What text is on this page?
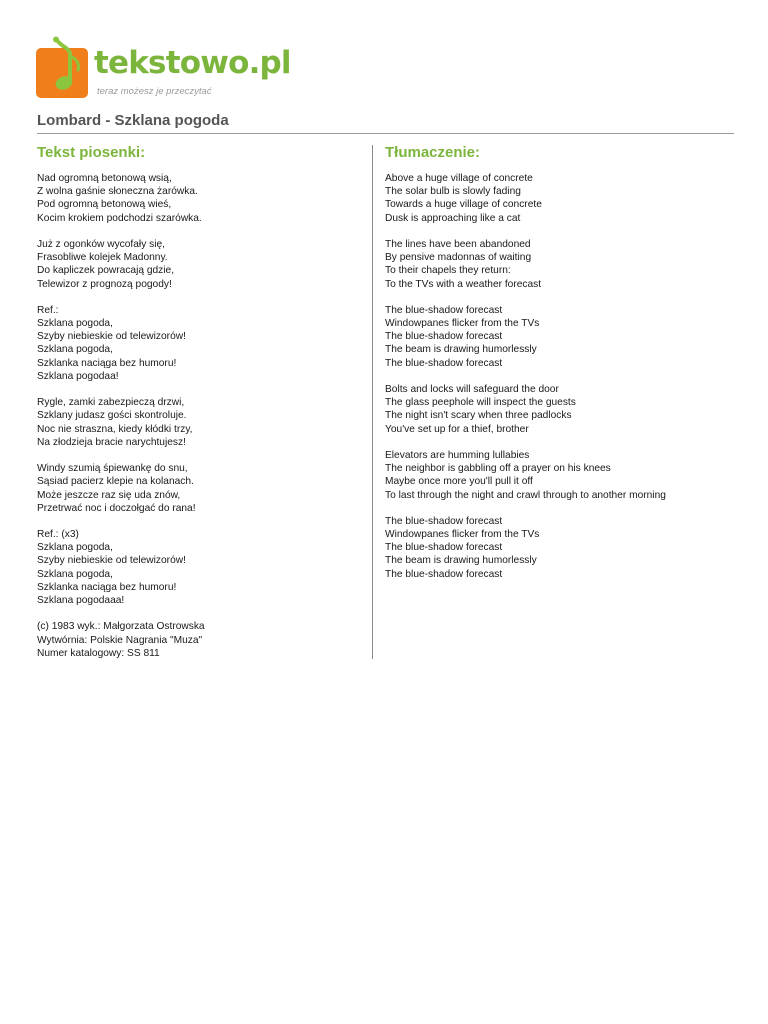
tekstowo.pl
teraz możesz je przeczytać
Lombard - Szklana pogoda
Tekst piosenki:	Tłumaczenie:
Nad ogromną betonową wsią,
Z wolna gaśnie słoneczna żarówka.
Pod ogromną betonową wieś,
Kocim krokiem podchodzi szarówka.
Już z ogonków wycofały się,
Frasobliwe kolejek Madonny.
Do kapliczek powracają gdzie,
Telewizor z prognozą pogody!
Ref.:
Szklana pogoda,
Szyby niebieskie od telewizorów!
Szklana pogoda,
Szklanka naciąga bez humoru!
Szklana pogodaa!
Rygle, zamki zabezpieczą drzwi,
Szklany judasz gości skontroluje.
Noc nie straszna, kiedy kłódki trzy,
Na złodzieja bracie narychtujesz!
Windy szumią śpiewankę do snu,
Sąsiad pacierz klepie na kolanach.
Może jeszcze raz się uda znów,
Przetrwać noc i doczołgać do rana!
Ref.: (x3)
Szklana pogoda,
Szyby niebieskie od telewizorów!
Szklana pogoda,
Szklanka naciąga bez humoru!
Szklana pogodaaa!
(c) 1983 wyk.: Małgorzata Ostrowska
Wytwórnia: Polskie Nagrania "Muza"
Numer katalogowy: SS 811
Above a huge village of concrete
The solar bulb is slowly fading
Towards a huge village of concrete
Dusk is approaching like a cat
The lines have been abandoned
By pensive madonnas of waiting
To their chapels they return:
To the TVs with a weather forecast
The blue-shadow forecast
Windowpanes flicker from the TVs
The blue-shadow forecast
The beam is drawing humorlessly
The blue-shadow forecast
Bolts and locks will safeguard the door
The glass peephole will inspect the guests
The night isn't scary when three padlocks
You've set up for a thief, brother
Elevators are humming lullabies
The neighbor is gabbling off a prayer on his knees
Maybe once more you'll pull it off
To last through the night and crawl through to another morning
The blue-shadow forecast
Windowpanes flicker from the TVs
The blue-shadow forecast
The beam is drawing humorlessly
The blue-shadow forecast
